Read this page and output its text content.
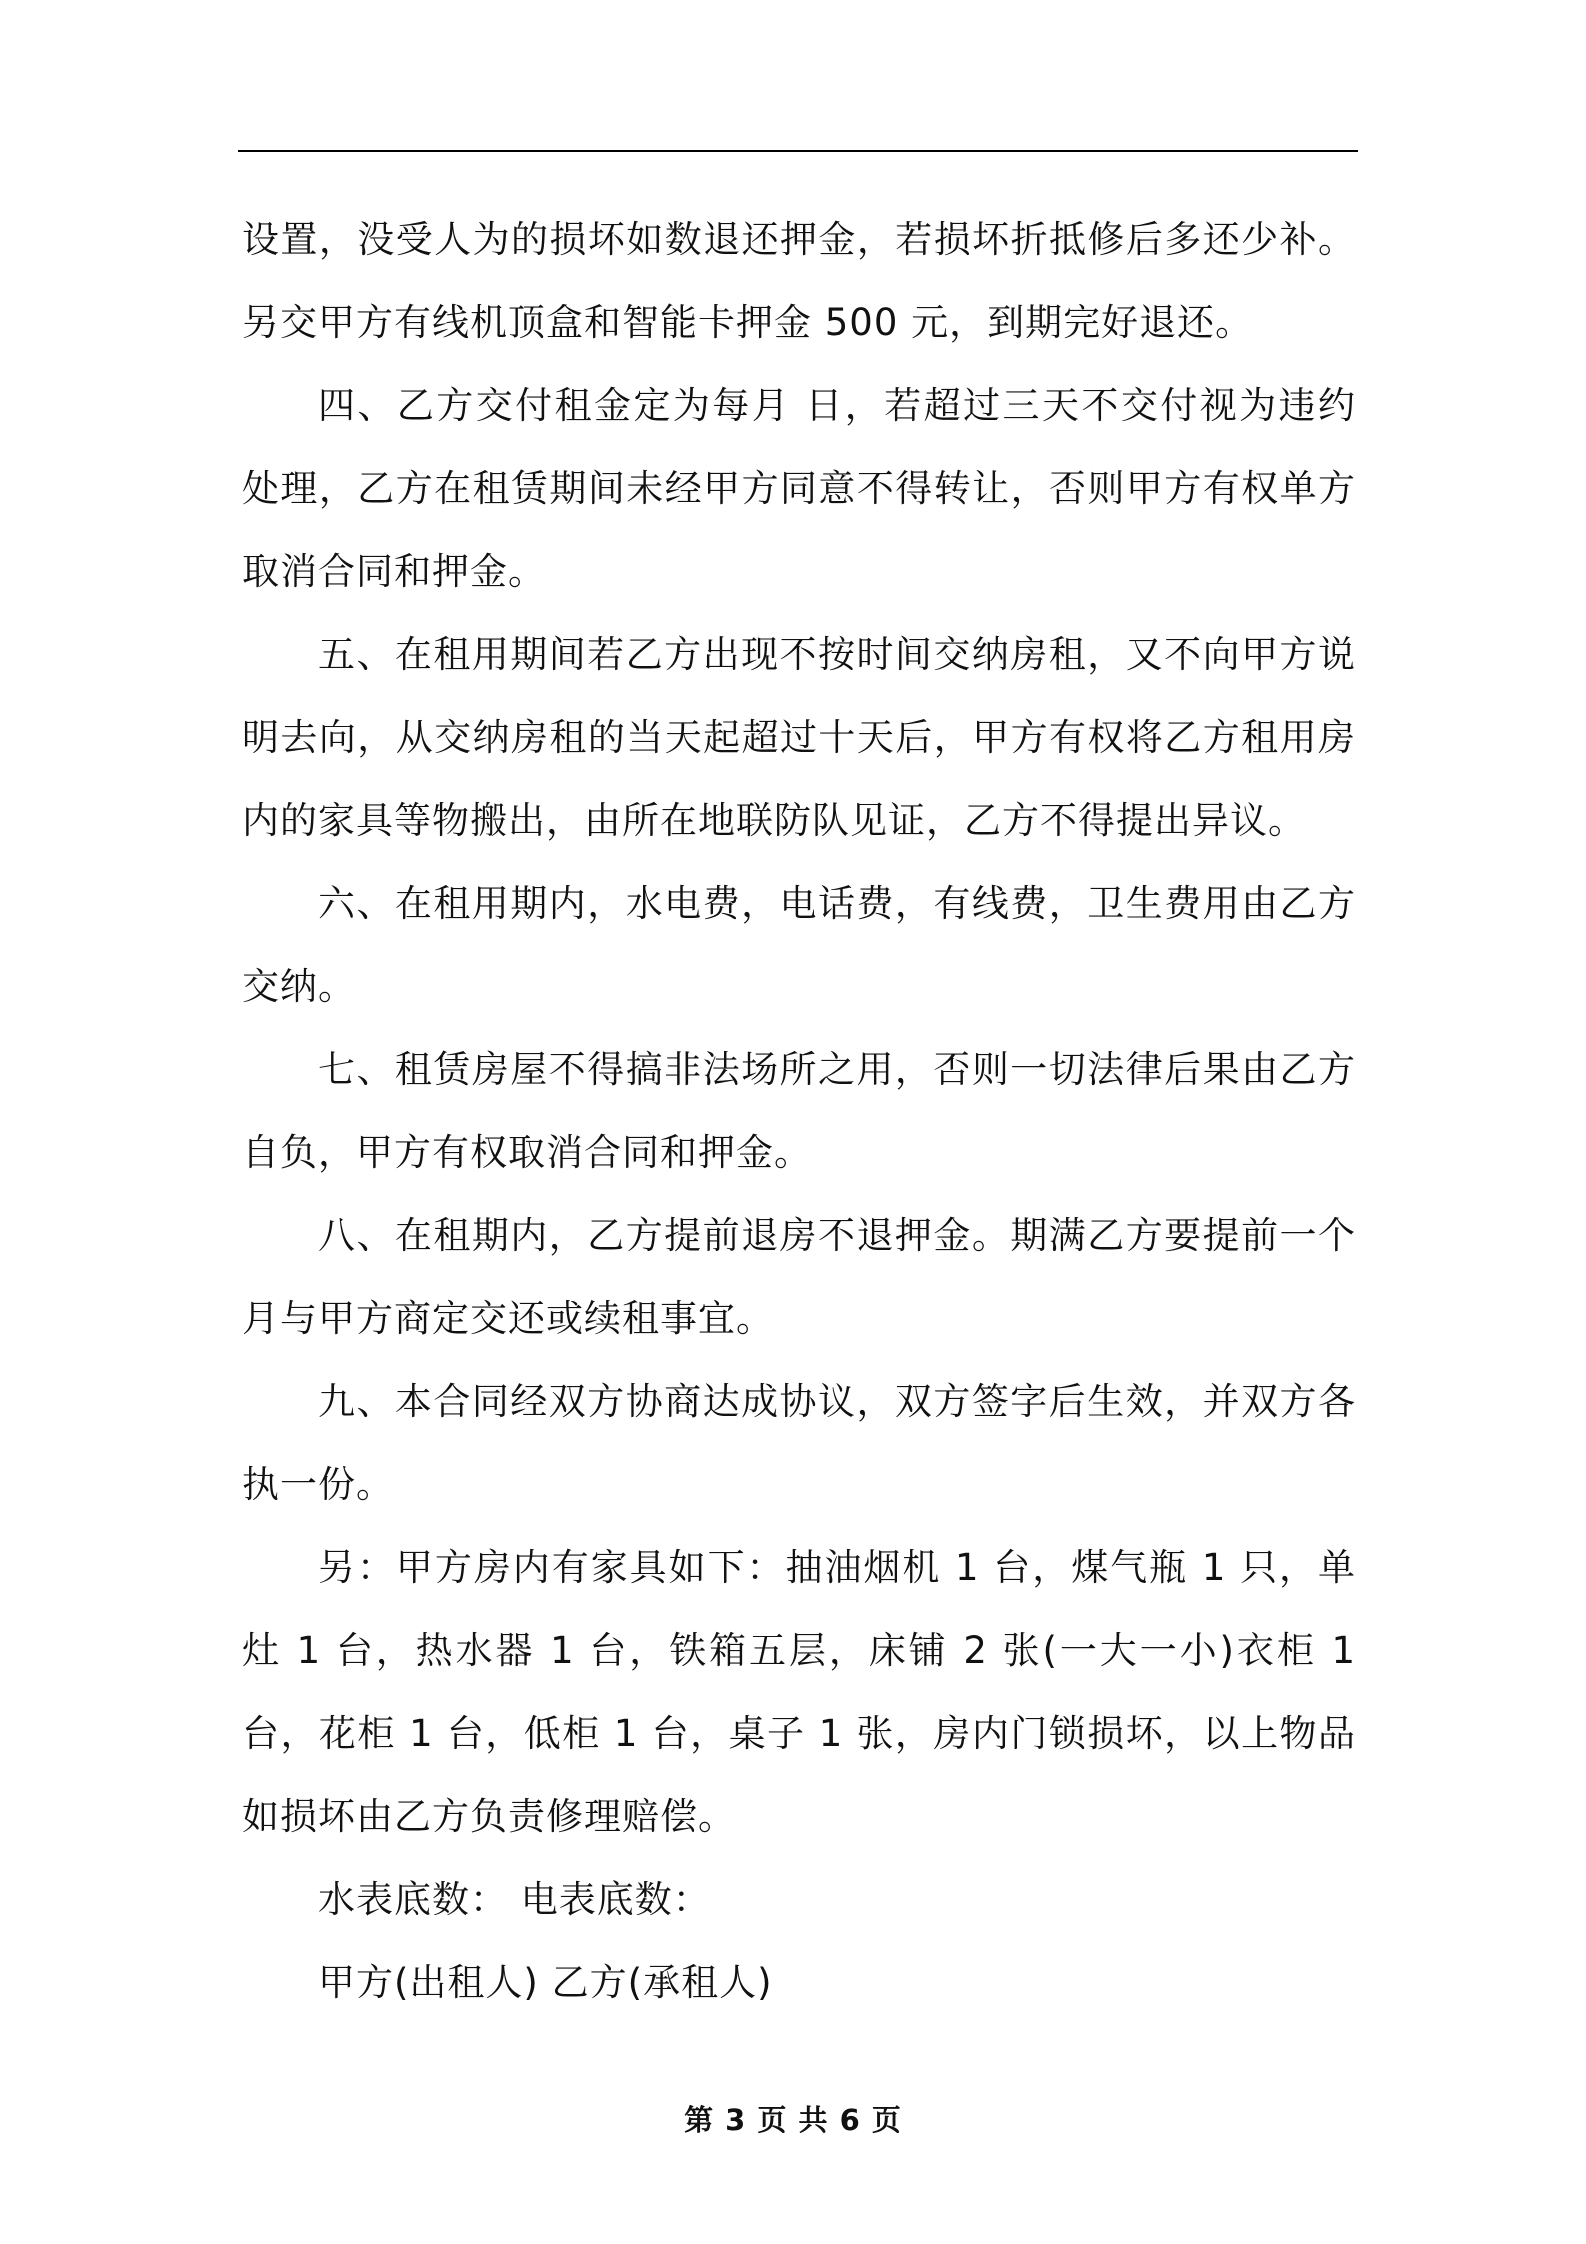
设置，没受人为的损坏如数退还押金，若损坏折抵修后多还少补。另交甲方有线机顶盒和智能卡押金 500 元，到期完好退还。

四、乙方交付租金定为每月 日，若超过三天不交付视为违约处理，乙方在租赁期间未经甲方同意不得转让，否则甲方有权单方取消合同和押金。

五、在租用期间若乙方出现不按时间交纳房租，又不向甲方说明去向，从交纳房租的当天起超过十天后，甲方有权将乙方租用房内的家具等物搬出，由所在地联防队见证，乙方不得提出异议。

六、在租用期内，水电费，电话费，有线费，卫生费用由乙方交纳。

七、租赁房屋不得搞非法场所之用，否则一切法律后果由乙方自负，甲方有权取消合同和押金。

八、在租期内，乙方提前退房不退押金。期满乙方要提前一个月与甲方商定交还或续租事宜。

九、本合同经双方协商达成协议，双方签字后生效，并双方各执一份。

另：甲方房内有家具如下：抽油烟机 1 台，煤气瓶 1 只，单灶 1 台，热水器 1 台，铁箱五层，床铺 2 张(一大一小)衣柜 1 台，花柜 1 台，低柜 1 台，桌子 1 张，房内门锁损坏，以上物品如损坏由乙方负责修理赔偿。

水表底数： 电表底数：

甲方(出租人) 乙方(承租人)

第 3 页 共 6 页
